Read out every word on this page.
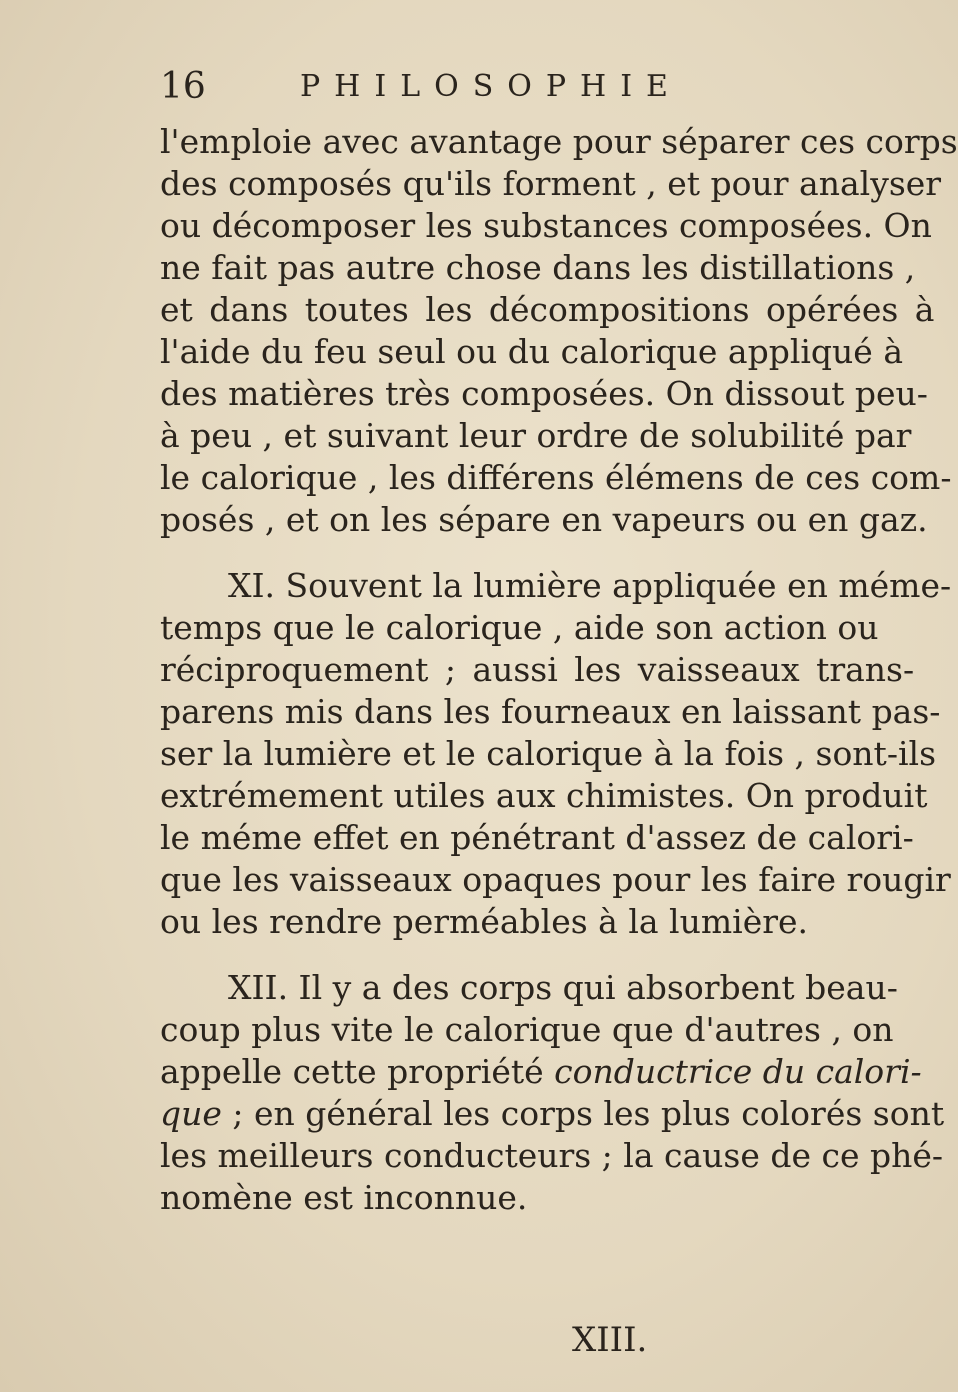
16	PHILOSOPHIE
l'emploie avec avantage pour séparer ces corps
des composés qu'ils forment , et pour analyser
ou décomposer les substances composées. On
ne fait pas autre chose dans les distillations ,
et dans toutes les décompositions opérées à
l'aide du feu seul ou du calorique appliqué à
des matières très composées. On dissout peu-
à peu , et suivant leur ordre de solubilité par
le calorique , les différens élémens de ces com-
posés , et on les sépare en vapeurs ou en gaz.
XI. Souvent la lumière appliquée en méme-
temps que le calorique , aide son action ou
réciproquement ; aussi les vaisseaux trans-
parens mis dans les fourneaux en laissant pas-
ser la lumière et le calorique à la fois , sont-ils
extrémement utiles aux chimistes. On produit
le méme effet en pénétrant d'assez de calori-
que les vaisseaux opaques pour les faire rougir
ou les rendre perméables à la lumière.
XII. Il y a des corps qui absorbent beau-
coup plus vite le calorique que d'autres , on
appelle cette propriété conductrice du calori-
que ; en général les corps les plus colorés sont
les meilleurs conducteurs ; la cause de ce phé-
nomène est inconnue.
XIII.
